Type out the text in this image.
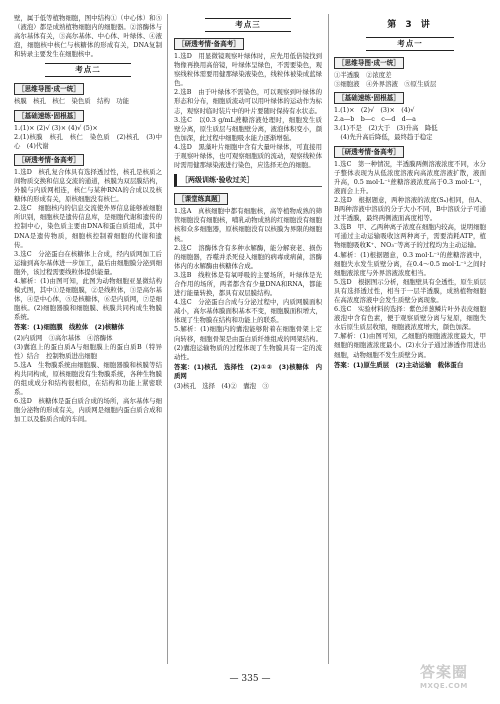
壁，属于低等植物细胞，图中结构①（中心体）和⑤（液泡）都是成熟植物细胞内的细胞器。②溶酶体与高尔基体有关，③高尔基体、中心体、叶绿体、④液泡，细胞核中核仁与核糖体的形成有关，DNA复制和转录主要发生在细胞核中。

考点二
［思维导图·成一统］

核膜　核孔　核仁　染色质　结构　功能

［基础速练·固根基］

1.(1)× (2)√ (3)× (4)√ (5)×

2.(1)核膜　核孔　核仁　染色质　(2)核孔　(3)中心　(4)代谢

［研透考情·备高考］

1.选D　核孔复合体具有选择透过性，核孔是核质之间物质交换和信息交流的通道，核膜为双层膜结构，外膜与内质网相连，核仁与某种RNA的合成以及核糖体的形成有关，原核细胞没有核仁。

2.选C　细胞核内的信息交流使外界信息能够被细胞所识别，细胞核是遗传信息库，是细胞代谢和遗传的控制中心，染色质主要由DNA和蛋白质组成，其中DNA是遗传物质，细胞核控制着细胞的代谢和遗传。

3.选C　分泌蛋白在核糖体上合成，经内质网加工后运输到高尔基体进一步加工，最后由细胞膜分泌到细胞外，该过程需要线粒体提供能量。

4.解析：(1)由图可知，此图为动物细胞亚显微结构模式图，其中①是细胞膜，②是线粒体，③是高尔基体，④是中心体，⑤是核糖体，⑥是内质网，⑦是细胞核。(2)细胞器膜和细胞膜、核膜共同构成生物膜系统。

答案：(1)细胞膜　线粒体　(2)核糖体

(2)内质网　③高尔基体　④溶酶体

(3)囊泡上的蛋白质A与细胞膜上的蛋白质B（特异性）结合　控制物质进出细胞

5.选A　生物膜系统由细胞膜、细胞器膜和核膜等结构共同构成，原核细胞没有生物膜系统，各种生物膜的组成成分和结构很相似，在结构和功能上紧密联系。

6.选D　核糖体是蛋白质合成的场所，高尔基体与细胞分泌物的形成有关，内质网是细胞内蛋白质合成和加工以及脂质合成的车间。

考点三
［研透考情·备高考］

1.选D　用显微镜观察叶绿体时，应先用低倍镜找到物像再换用高倍镜，叶绿体呈绿色，不需要染色，观察线粒体需要用健那绿染液染色，线粒体被染成蓝绿色。

2.选B　由于叶绿体不需染色，可以观察到叶绿体的形态和分布，细胞质流动可以用叶绿体的运动作为标志，观察时临时装片中的叶片要随时保持有水状态。

3.选C　以0.3 g/mL蔗糖溶液处理时，细胞发生质壁分离，原生质层与细胞壁分离，液泡体积变小，颜色加深，此过程中细胞吸水能力逐渐增强。

4.选D　黑藻叶片细胞中含有大量叶绿体，可直接用于观察叶绿体，也可观察细胞质的流动，观察线粒体时需用健那绿染液进行染色，应选择无色的细胞。

［两级训练·验收过关］
［课堂练真题］

1.选A　真核细胞中都有细胞核，高等植物成熟的筛管细胞没有细胞核，哺乳动物成熟的红细胞没有细胞核和众多细胞器，原核细胞没有以核膜为界限的细胞核。

2.选C　溶酶体含有多种水解酶，能分解衰老、损伤的细胞器，吞噬并杀死侵入细胞的病毒或病菌，溶酶体内的水解酶由核糖体合成。

3.选B　线粒体是有氧呼吸的主要场所，叶绿体是光合作用的场所，两者都含有少量DNA和RNA，都能进行能量转换，都具有双层膜结构。

4.选C　分泌蛋白合成与分泌过程中，内质网膜面积减小，高尔基体膜面积基本不变，细胞膜面积增大，体现了生物膜在结构和功能上的联系。

5.解析：(1)细胞内的囊泡能够附着在细胞骨架上定向转移，细胞骨架是由蛋白质纤维组成的网架结构。(2)囊泡运输物质的过程体现了生物膜具有一定的流动性。

答案：(1)核孔　选择性　(2)①②　(3)核糖体　内质网

(3)核孔　选择　(4)②　囊泡　③

第 3 讲
考点一
［思维导图·成一统］

①半透膜　②浓度差

③细胞液　④外界溶液　⑤原生质层

［基础速练·固根基］

1.(1)×　(2)√　(3)×　(4)√

2.a—b　b—c　c—d　d—a

3.(1)不是　(2)大于　(3)升高　降低

　(4)先升高后降低，最终趋于稳定

［研透考情·备高考］

1.选C　第一种情况，半透膜两侧溶液浓度不同，水分子整体表现为从低浓度溶液向高浓度溶液扩散，液面升高，0.5 mol·L⁻¹蔗糖溶液浓度高于0.3 mol·L⁻¹，液面会上升。

2.选D　根据题意，两种溶液的浓度(Sₐ)相同，但A、B两种溶液中溶质的分子大小不同，B中溶质分子可通过半透膜，最终两侧液面高度相等。

3.选B　甲、乙两种离子浓度在细胞内较高，说明细胞可通过主动运输吸收这两种离子，需要消耗ATP，植物细胞吸收K⁺、NO₃⁻等离子的过程均为主动运输。

4.解析：(1)根据题意，0.3 mol·L⁻¹的蔗糖溶液中，细胞失水发生质壁分离，在0.4～0.5 mol·L⁻¹之间时细胞液浓度与外界溶液浓度相当。

5.选D　根据图示分析，细胞壁具有全透性，原生质层具有选择透过性，相当于一层半透膜，成熟植物细胞在高浓度溶液中会发生质壁分离现象。

6.选C　实验材料的选择：紫色洋葱鳞片叶外表皮细胞液泡中含有色素，便于观察质壁分离与复原，细胞失水后原生质层收缩，细胞液浓度增大，颜色加深。

7.解析：(1)由图可知，乙细胞的细胞液浓度最大，甲细胞的细胞液浓度最小。(2)水分子通过渗透作用进出细胞，动物细胞不发生质壁分离。

答案：(1)原生质层　(2)主动运输　载体蛋白

— 335 —	答案圈
MXQE.COM
